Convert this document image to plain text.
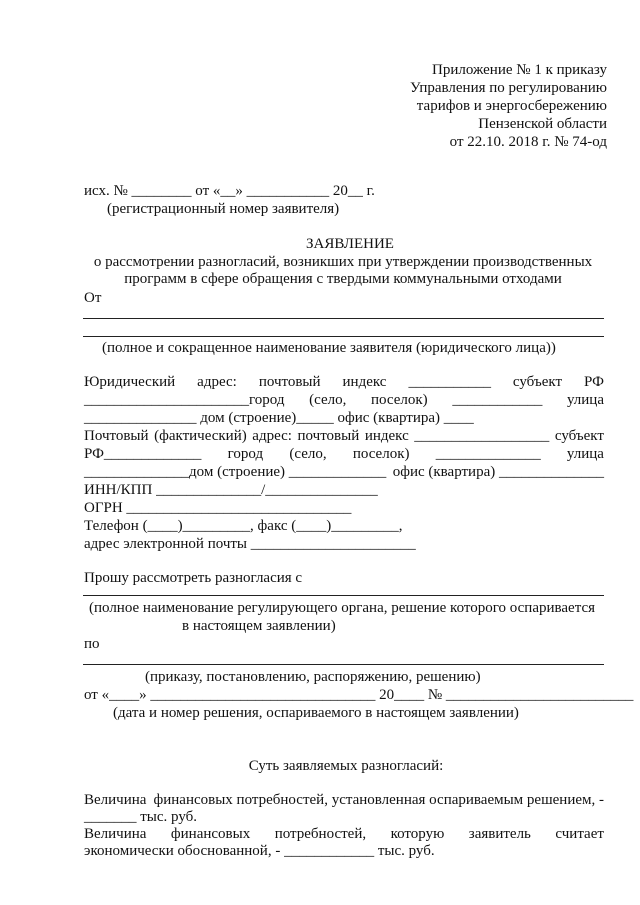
Приложение № 1 к приказу
Управления по регулированию
тарифов и энергосбережению
Пензенской области
от 22.10. 2018 г. № 74-од
исх. № ________ от «__» ___________ 20__ г.
(регистрационный номер заявителя)
ЗАЯВЛЕНИЕ
о рассмотрении разногласий, возникших при утверждении производственных
программ в сфере обращения с твердыми коммунальными отходами
От
(полное и сокращенное наименование заявителя (юридического лица))
Юридический адрес: почтовый индекс ___________ субъект РФ
______________________город (село, поселок) ____________ улица
_______________ дом (строение)_____ офис (квартира) ____
Почтовый (фактический) адрес: почтовый индекс __________________ субъект
РФ_____________ город (село, поселок) ______________ улица
______________дом (строение) _____________ офис (квартира) ______________
ИНН/КПП ______________/_______________
ОГРН ______________________________
Телефон (____)_________, факс (____)_________,
адрес электронной почты ______________________
Прошу рассмотреть разногласия с
(полное наименование регулирующего органа, решение которого оспаривается
в настоящем заявлении)
по
(приказу, постановлению, распоряжению, решению)
от «____» ______________________________ 20____ № _________________________
(дата и номер решения, оспариваемого в настоящем заявлении)
Суть заявляемых разногласий:
Величина финансовых потребностей, установленная оспариваемым решением, -
_______ тыс. руб.
Величина финансовых потребностей, которую заявитель считает
экономически обоснованной, - ____________ тыс. руб.
